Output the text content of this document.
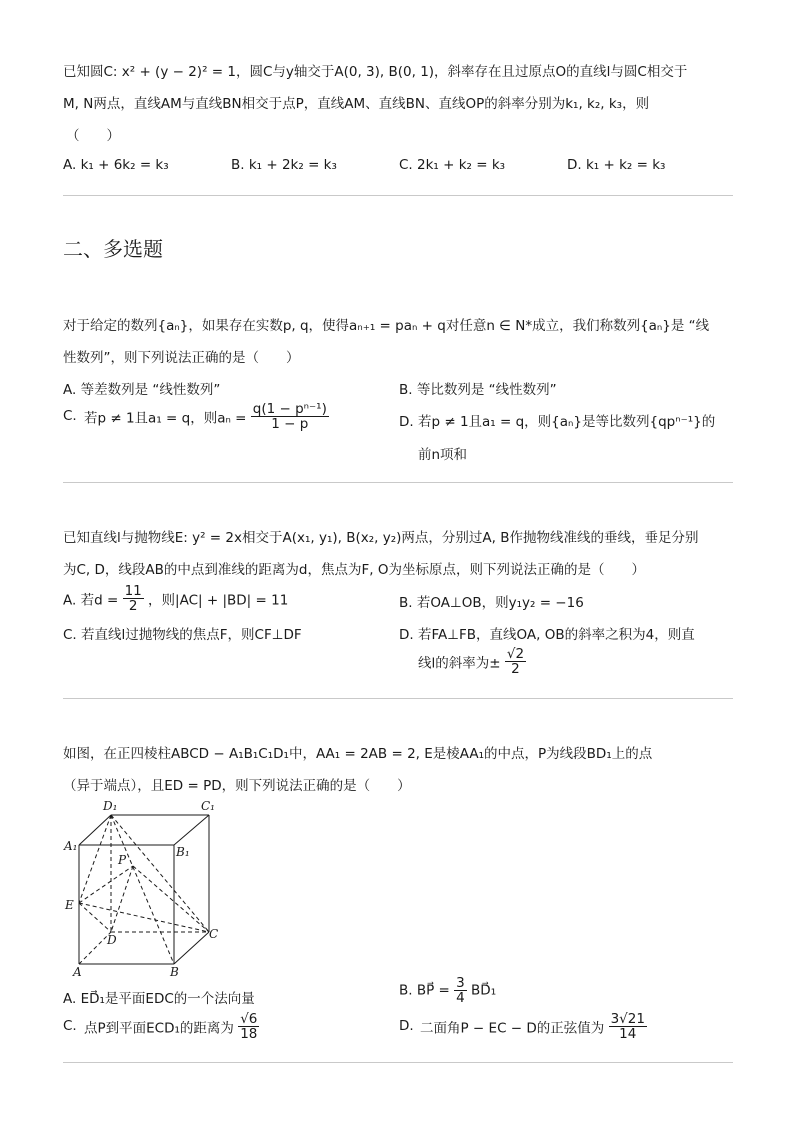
已知圆C: x² + (y − 2)² = 1，圆C与y轴交于A(0, 3), B(0, 1)，斜率存在且过原点O的直线l与圆C相交于
M, N两点，直线AM与直线BN相交于点P，直线AM、直线BN、直线OP的斜率分别为k₁, k₂, k₃，则
（　　）
A. k₁ + 6k₂ = k₃	B. k₁ + 2k₂ = k₃	C. 2k₁ + k₂ = k₃	D. k₁ + k₂ = k₃
二、多选题
对于给定的数列{aₙ}，如果存在实数p, q，使得aₙ₊₁ = paₙ + q对任意n ∈ N*成立，我们称数列{aₙ}是 “线
性数列”，则下列说法正确的是（　　）
A. 等差数列是 “线性数列”	B. 等比数列是 “线性数列”
C. 若p ≠ 1且a₁ = q，则$a_n = \frac{\text{q(1 − pⁿ⁻¹)}}{1 - p}$	D. 若p ≠ 1且a₁ = q，则{aₙ}是等比数列{qpⁿ⁻¹}的
前n项和
已知直线l与抛物线E: y² = 2x相交于A(x₁, y₁), B(x₂, y₂)两点，分别过A, B作抛物线准线的垂线，垂足分别
为C, D，线段AB的中点到准线的距离为d，焦点为F, O为坐标原点，则下列说法正确的是（　　）
A. 若$d = \frac{11}{2}$ ，则|AC| + |BD| = 11	B. 若OA⊥OB，则y₁y₂ = −16
C. 若直线l过抛物线的焦点F，则CF⊥DF	D. 若FA⊥FB，直线OA, OB的斜率之积为4，则直
线l的斜率为± $\frac{√2}{2}$
如图，在正四棱柱ABCD − A₁B₁C₁D₁中，AA₁ = 2AB = 2, E是棱AA₁的中点，P为线段BD₁上的点
（异于端点），且ED = PD，则下列说法正确的是（　　）
D₁	C₁
A₁	B₁
P
E
D	C
A	B
A. ED⃗₁是平面EDC的一个法向量
B. BP⃗ = $\frac{3}{4}$ BD⃗₁
C. 点P到平面ECD₁的距离为 $\frac{√6}{18}$	D. 二面角P − EC − D的正弦值为 $\frac{3√21}{14}$
